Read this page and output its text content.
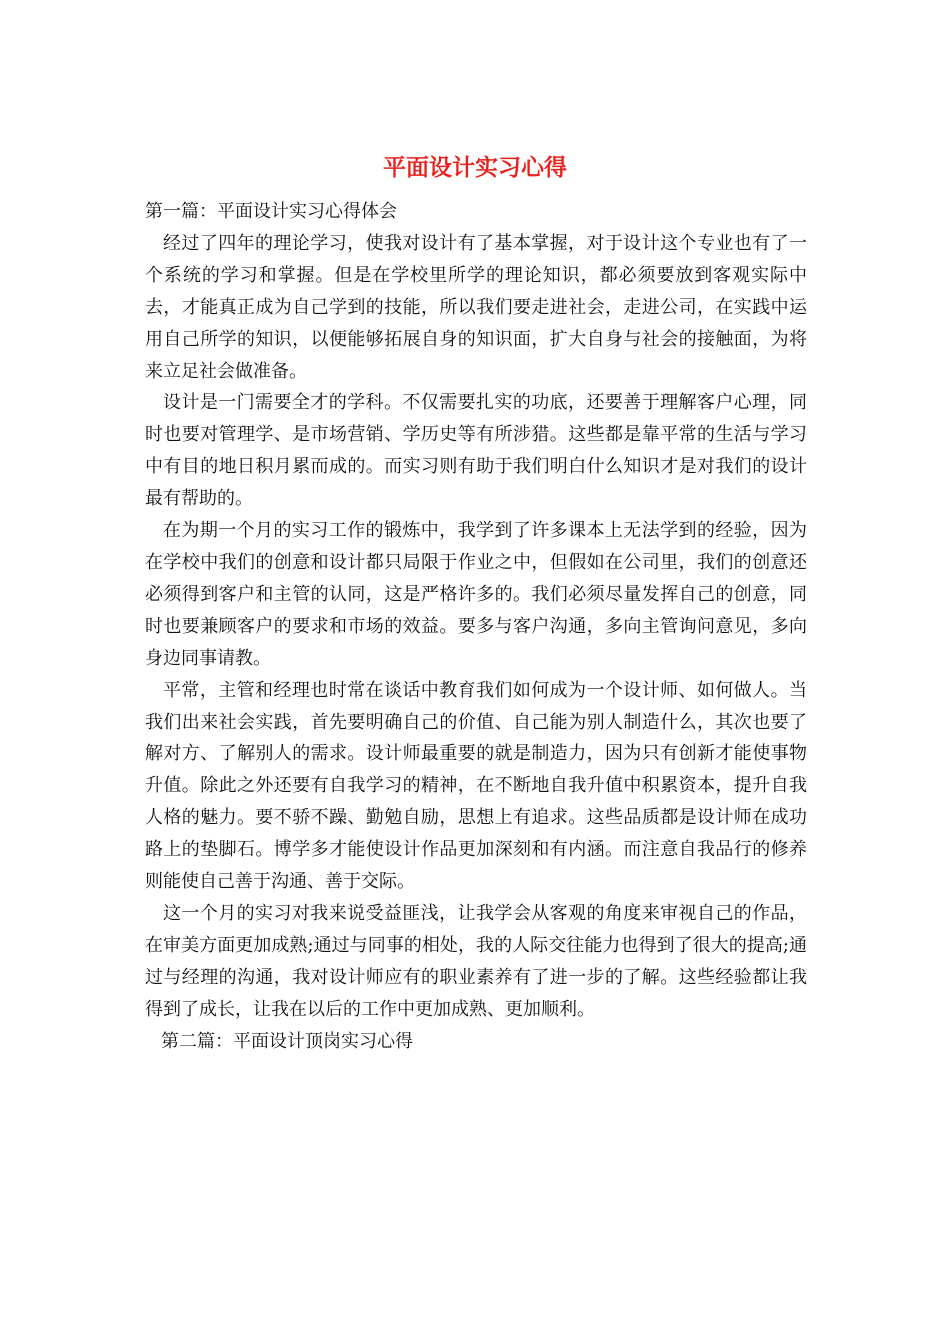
平面设计实习心得

第一篇：平面设计实习心得体会

经过了四年的理论学习，使我对设计有了基本掌握，对于设计这个专业也有了一个系统的学习和掌握。但是在学校里所学的理论知识，都必须要放到客观实际中去，才能真正成为自己学到的技能，所以我们要走进社会，走进公司，在实践中运用自己所学的知识，以便能够拓展自身的知识面，扩大自身与社会的接触面，为将来立足社会做准备。

设计是一门需要全才的学科。不仅需要扎实的功底，还要善于理解客户心理，同时也要对管理学、是市场营销、学历史等有所涉猎。这些都是靠平常的生活与学习中有目的地日积月累而成的。而实习则有助于我们明白什么知识才是对我们的设计最有帮助的。

在为期一个月的实习工作的锻炼中，我学到了许多课本上无法学到的经验，因为在学校中我们的创意和设计都只局限于作业之中，但假如在公司里，我们的创意还必须得到客户和主管的认同，这是严格许多的。我们必须尽量发挥自己的创意，同时也要兼顾客户的要求和市场的效益。要多与客户沟通，多向主管询问意见，多向身边同事请教。

平常，主管和经理也时常在谈话中教育我们如何成为一个设计师、如何做人。当我们出来社会实践，首先要明确自己的价值、自己能为别人制造什么，其次也要了解对方、了解别人的需求。设计师最重要的就是制造力，因为只有创新才能使事物升值。除此之外还要有自我学习的精神，在不断地自我升值中积累资本，提升自我人格的魅力。要不骄不躁、勤勉自励，思想上有追求。这些品质都是设计师在成功路上的垫脚石。博学多才能使设计作品更加深刻和有内涵。而注意自我品行的修养则能使自己善于沟通、善于交际。

这一个月的实习对我来说受益匪浅，让我学会从客观的角度来审视自己的作品，在审美方面更加成熟;通过与同事的相处，我的人际交往能力也得到了很大的提高;通过与经理的沟通，我对设计师应有的职业素养有了进一步的了解。这些经验都让我得到了成长，让我在以后的工作中更加成熟、更加顺利。

第二篇：平面设计顶岗实习心得
